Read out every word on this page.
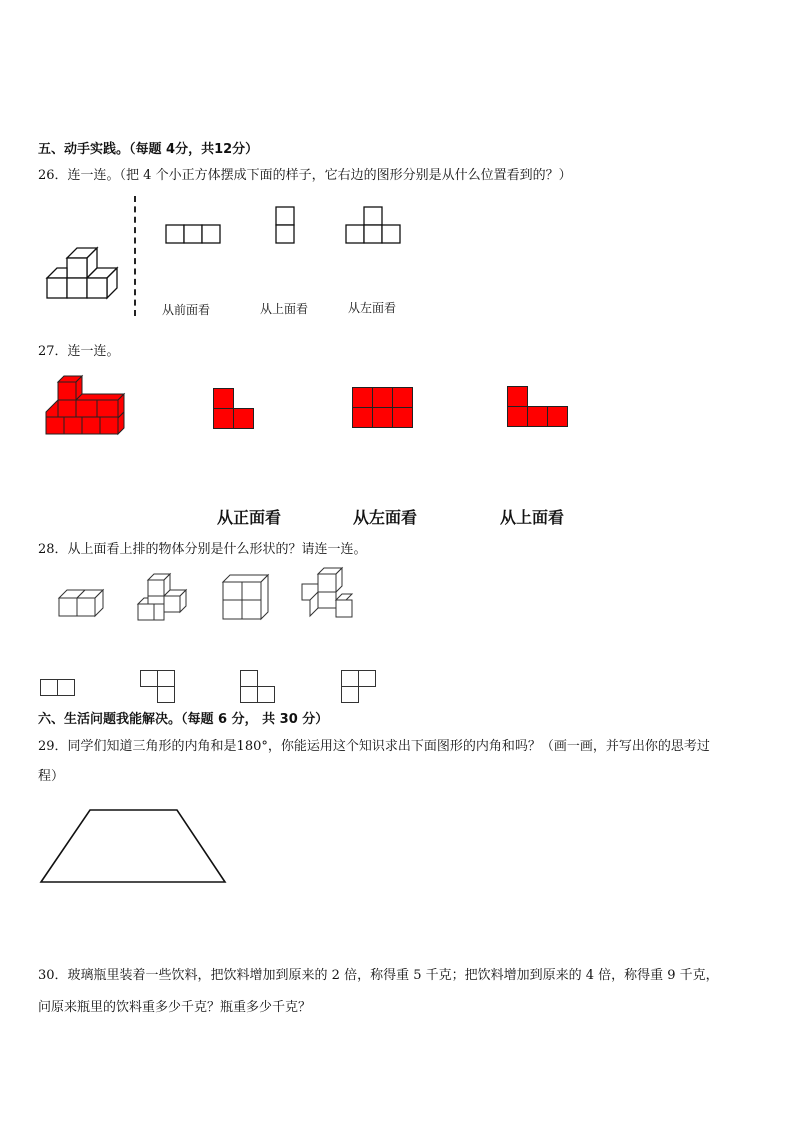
五、动手实践。（每题 4分，共12分）
26．连一连。（把 4 个小正方体摆成下面的样子，它右边的图形分别是从什么位置看到的？）
从前面看	从上面看	从左面看
27．连一连。
从正面看	从左面看	从上面看
28．从上面看上排的物体分别是什么形状的？请连一连。
六、生活问题我能解决。（每题 6 分， 共 30 分）
29．同学们知道三角形的内角和是180°，你能运用这个知识求出下面图形的内角和吗？（画一画，并写出你的思考过
程）
30．玻璃瓶里装着一些饮料，把饮料增加到原来的 2 倍，称得重 5 千克；把饮料增加到原来的 4 倍，称得重 9 千克，
问原来瓶里的饮料重多少千克？瓶重多少千克？
